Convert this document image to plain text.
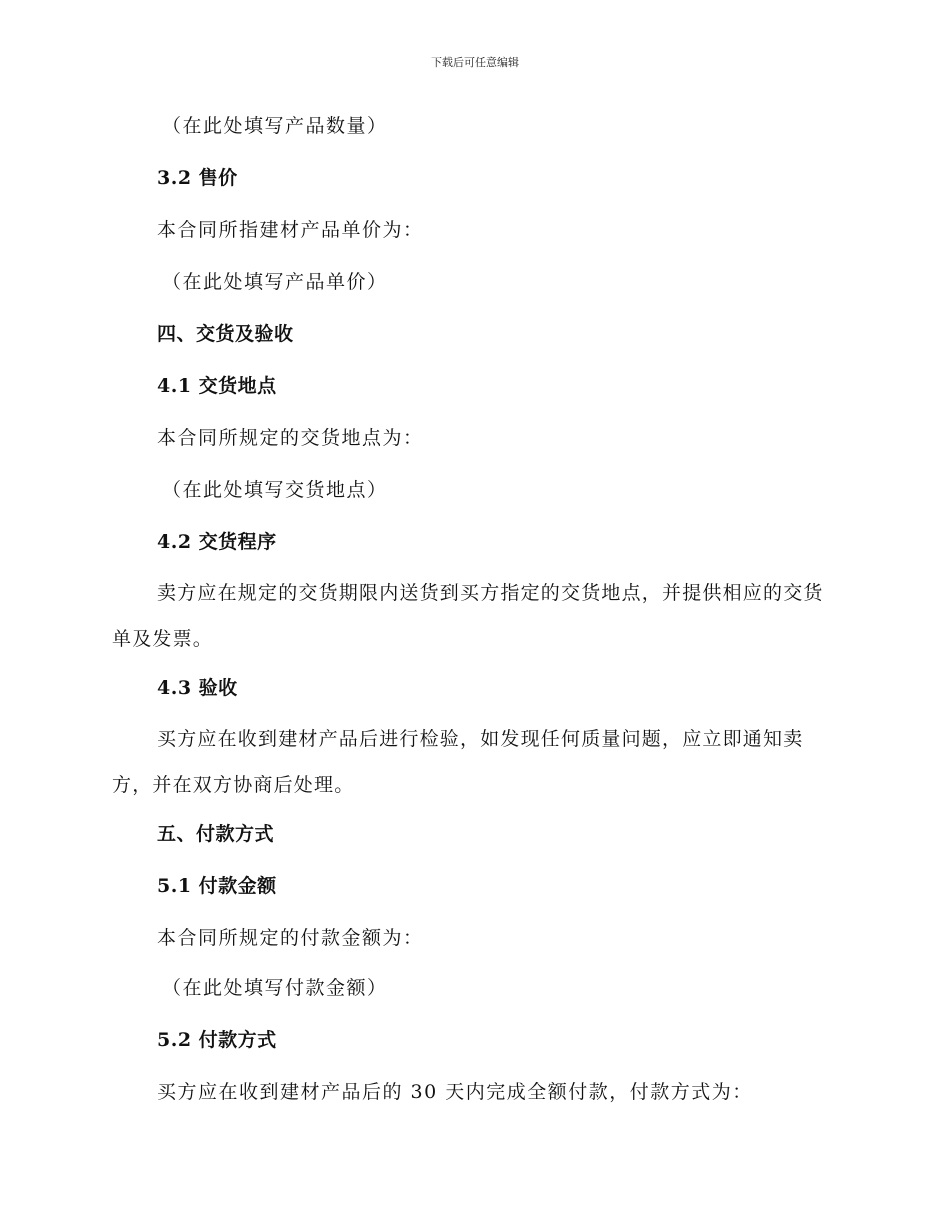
下载后可任意编辑
（在此处填写产品数量）
3.2 售价
本合同所指建材产品单价为：
（在此处填写产品单价）
四、交货及验收
4.1 交货地点
本合同所规定的交货地点为：
（在此处填写交货地点）
4.2 交货程序
卖方应在规定的交货期限内送货到买方指定的交货地点，并提供相应的交货单及发票。
4.3 验收
买方应在收到建材产品后进行检验，如发现任何质量问题，应立即通知卖方，并在双方协商后处理。
五、付款方式
5.1 付款金额
本合同所规定的付款金额为：
（在此处填写付款金额）
5.2 付款方式
买方应在收到建材产品后的 30 天内完成全额付款，付款方式为：
